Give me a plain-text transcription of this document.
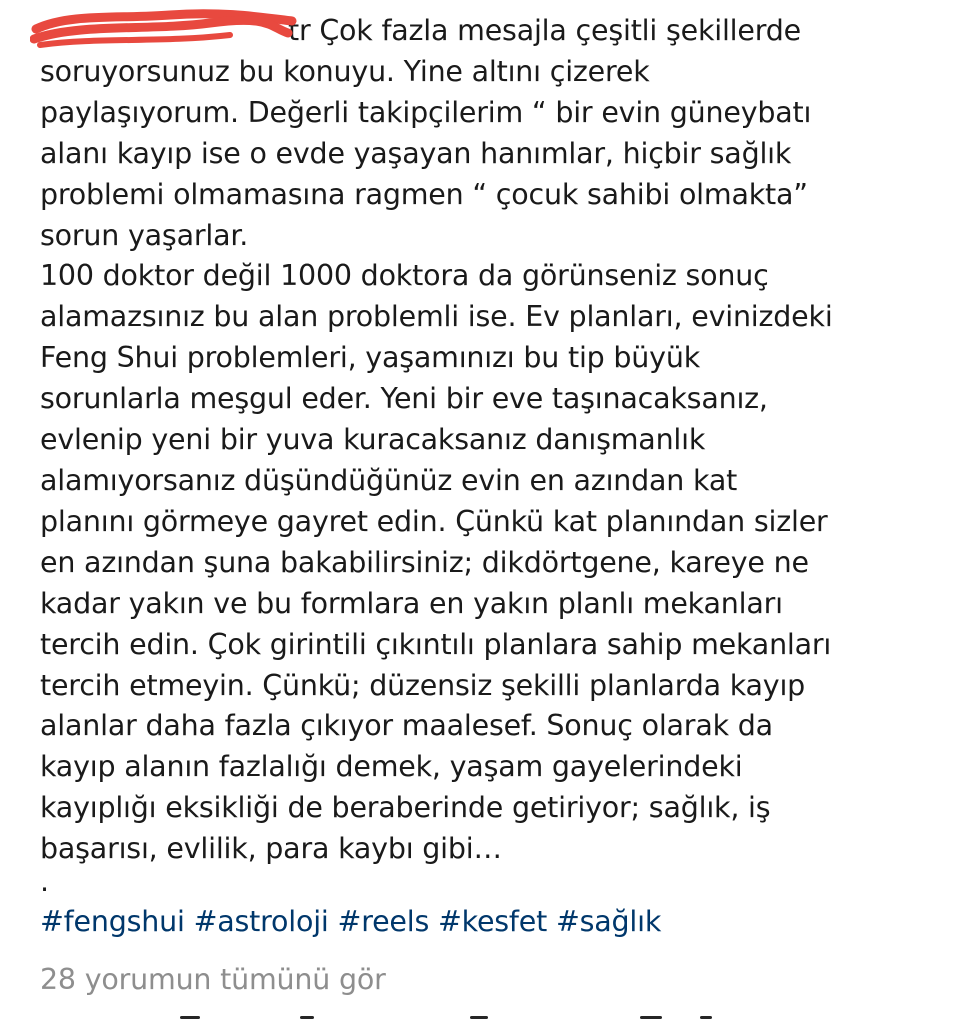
tr Çok fazla mesajla çeşitli şekillerde
soruyorsunuz bu konuyu. Yine altını çizerek
paylaşıyorum. Değerli takipçilerim “ bir evin güneybatı
alanı kayıp ise o evde yaşayan hanımlar, hiçbir sağlık
problemi olmamasına ragmen “ çocuk sahibi olmakta”
sorun yaşarlar.
100 doktor değil 1000 doktora da görünseniz sonuç
alamazsınız bu alan problemli ise. Ev planları, evinizdeki
Feng Shui problemleri, yaşamınızı bu tip büyük
sorunlarla meşgul eder. Yeni bir eve taşınacaksanız,
evlenip yeni bir yuva kuracaksanız danışmanlık
alamıyorsanız düşündüğünüz evin en azından kat
planını görmeye gayret edin. Çünkü kat planından sizler
en azından şuna bakabilirsiniz; dikdörtgene, kareye ne
kadar yakın ve bu formlara en yakın planlı mekanları
tercih edin. Çok girintili çıkıntılı planlara sahip mekanları
tercih etmeyin. Çünkü; düzensiz şekilli planlarda kayıp
alanlar daha fazla çıkıyor maalesef. Sonuç olarak da
kayıp alanın fazlalığı demek, yaşam gayelerindeki
kayıplığı eksikliği de beraberinde getiriyor; sağlık, iş
başarısı, evlilik, para kaybı gibi…
.
#fengshui #astroloji #reels #kesfet #sağlık
28 yorumun tümünü gör
